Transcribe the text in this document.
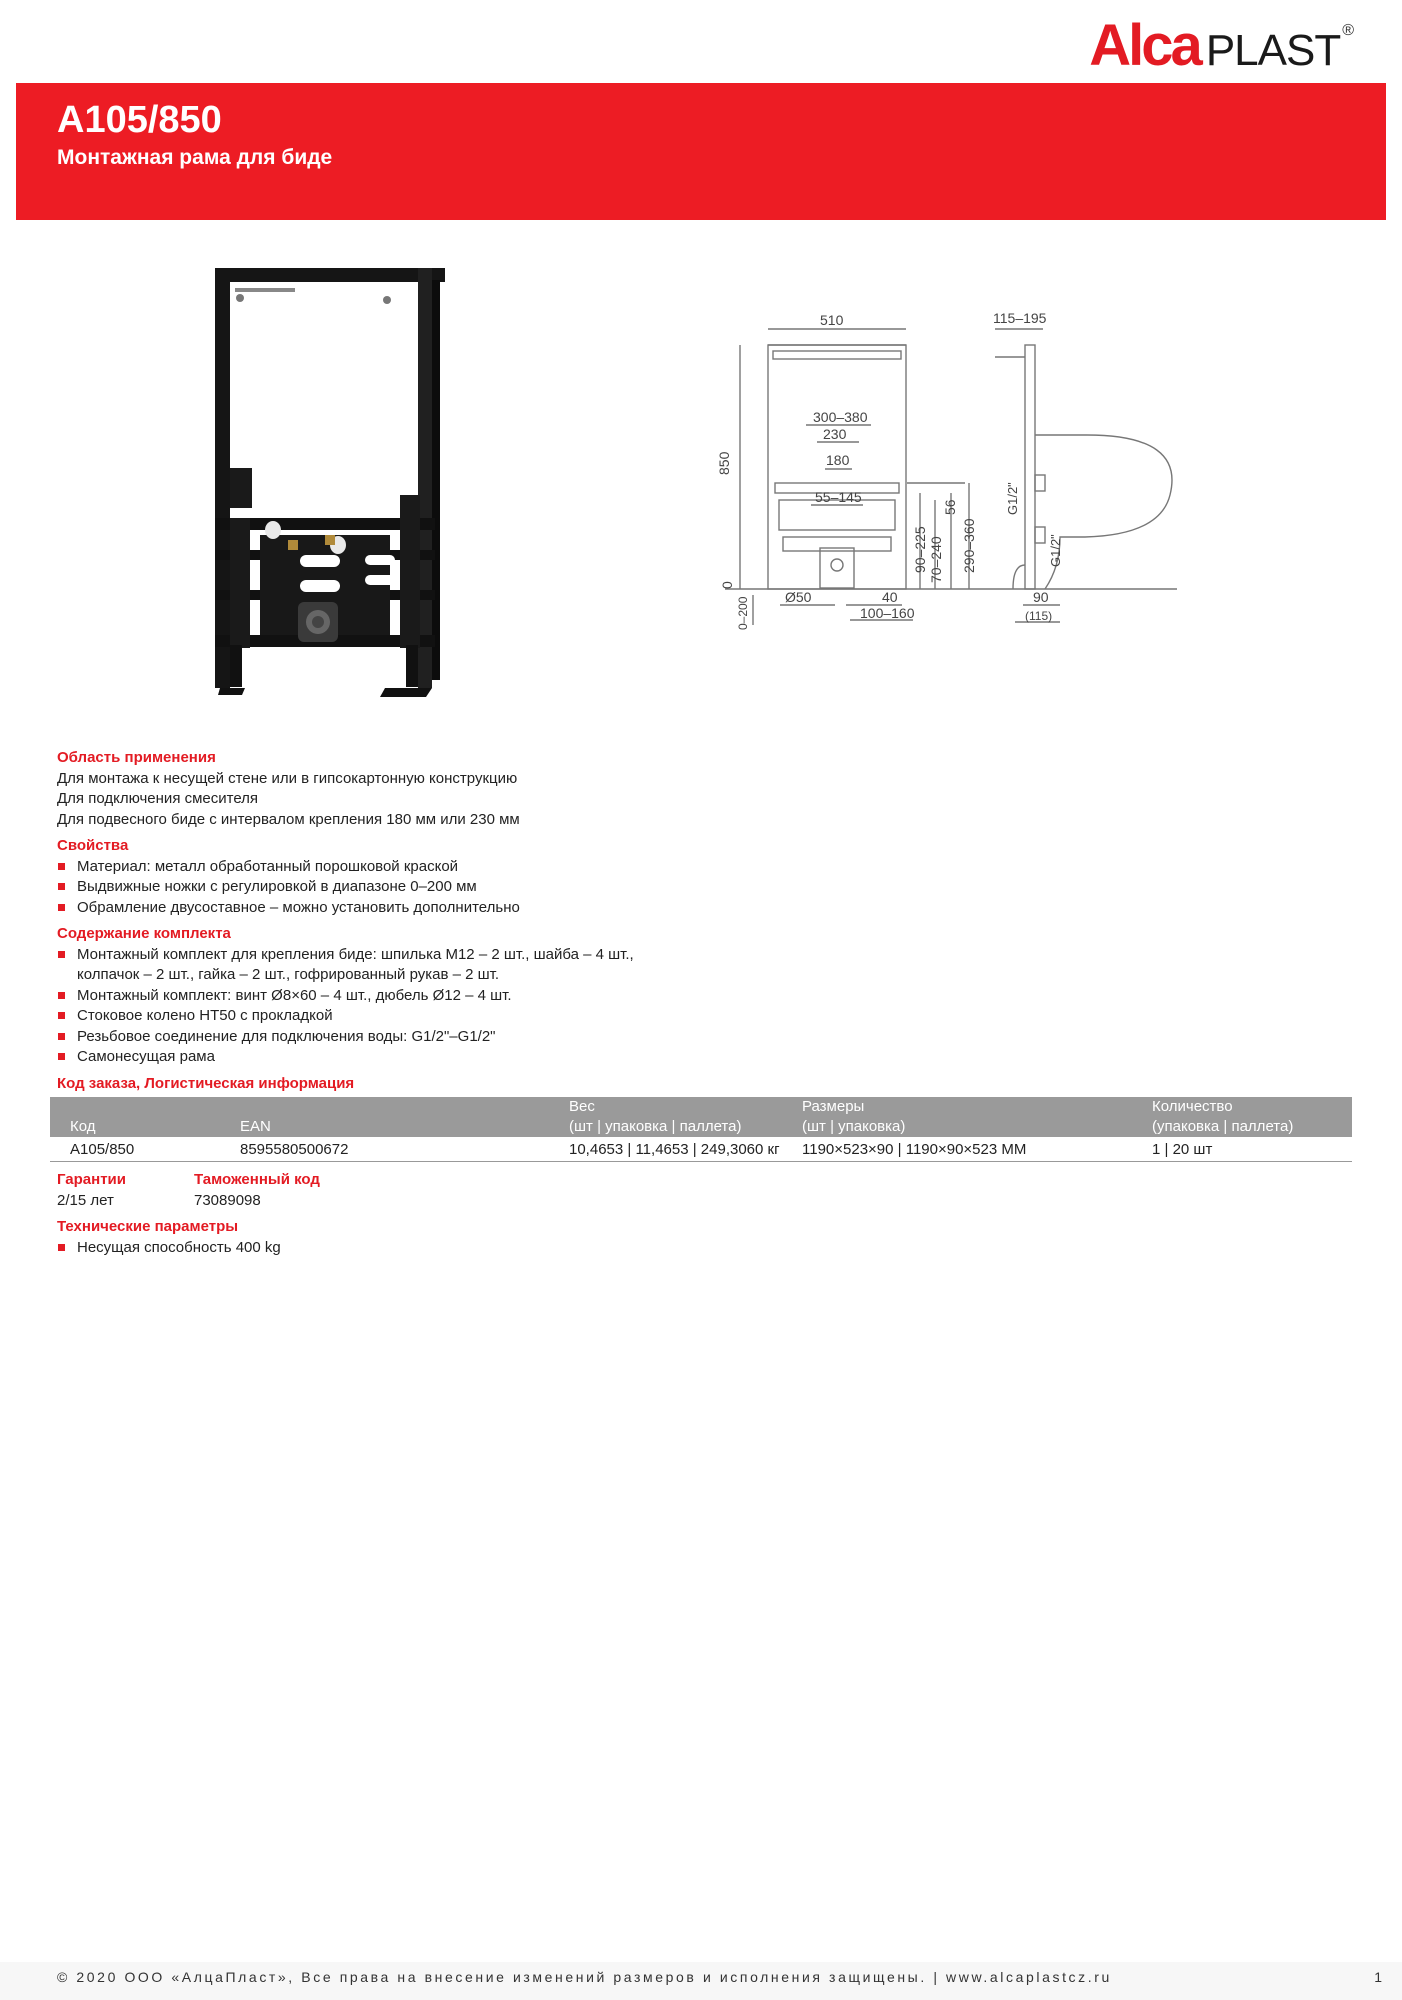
Alca PLAST ®
A105/850
Монтажная рама для биде
510	115–195
300–380
230
180
55–145
850
90–225
56
70–240 290–360
0
0–200	Ø50	40
100–160
90
(115)
G1/2"
G1/2"
Область применения
Для монтажа к несущей стене или в гипсокартонную конструкцию
Для подключения смесителя
Для подвесного биде с интервалом крепления 180 мм или 230 мм
Свойства
Материал: металл обработанный порошковой краской
Выдвижные ножки с регулировкой в диапазоне 0–200 мм
Обрамление двусоставное – можно установить дополнительно
Содержание комплекта
Монтажный комплект для крепления биде: шпилька М12 – 2 шт., шайба – 4 шт.,
колпачок – 2 шт., гайка – 2 шт., гофрированный рукав – 2 шт.
Монтажный комплект: винт Ø8×60 – 4 шт., дюбель Ø12 – 4 шт.
Стоковое колено HT50 с прокладкой
Резьбовое соединение для подключения воды: G1/2"–G1/2"
Самонесущая рама
Код заказа, Логистическая информация
		Вес	Размеры	Количество
Код	EAN	(шт | упаковка | паллета)	(шт | упаковка)	(упаковка | паллета)
A105/850	8595580500672	10,4653 | 11,4653 | 249,3060 кг	1190×523×90 | 1190×90×523 ММ	1 | 20 шт
Гарантии
2/15 лет
Таможенный код
73089098
Технические параметры
Несущая способность 400 kg
© 2020 ООО «АлцаПласт», Все права на внесение изменений размеров и исполнения защищены. | www.alcaplastcz.ru	1
